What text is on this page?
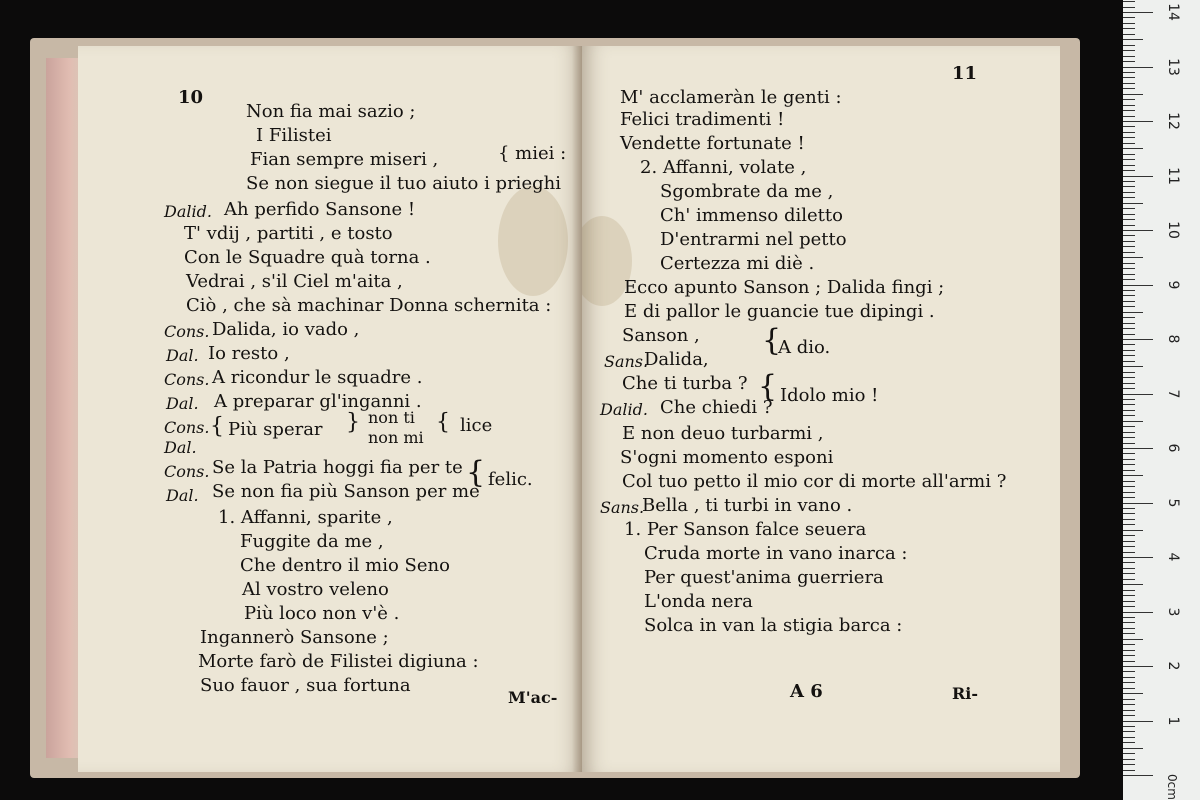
10
Non fia mai sazio ;
I Filistei
Fian sempre miseri ,	{ miei :
Se non siegue il tuo aiuto i prieghi
Dalid. Ah perfido Sansone !
T' vdij , partiti , e tosto
Con le Squadre quà torna .
Vedrai , s'il Ciel m'aita ,
Ciò , che sà machinar Donna schernita :
Cons. Dalida, io vado ,
Dal. Io resto ,
Cons. A ricondur le squadre .
Dal. A preparar gl'inganni .
Cons.
Dal.
{ Più sperar } non ti
non mi
{ lice
Cons. Se la Patria hoggi fia per te
Dal. Se non fia più Sanson per me
{ felic.
1. Affanni, sparite ,
Fuggite da me ,
Che dentro il mio Seno
Al vostro veleno
Più loco non v'è .
Ingannerò Sansone ;
Morte farò de Filistei digiuna :
Suo fauor , sua fortuna
M'ac-
11
M' acclameràn le genti :
Felici tradimenti !
Vendette fortunate !
2. Affanni, volate ,
Sgombrate da me ,
Ch' immenso diletto
D'entrarmi nel petto
Certezza mi diè .
Ecco apunto Sanson ; Dalida fingi ;
E di pallor le guancie tue dipingi .
Sanson ,
Sans.
Dalida,
{
A dio.
Che ti turba ?
Dalid. Che chiedi ?
{ Idolo mio !
E non deuo turbarmi ,
S'ogni momento esponi
Col tuo petto il mio cor di morte all'armi ?
Sans.
Bella , ti turbi in vano .
1. Per Sanson falce seuera
Cruda morte in vano inarca :
Per quest'anima guerriera
L'onda nera
Solca in van la stigia barca :
A 6	Ri-
0cm
1
2
3
4
5
6
7
8
9
10
11
12
13
14
